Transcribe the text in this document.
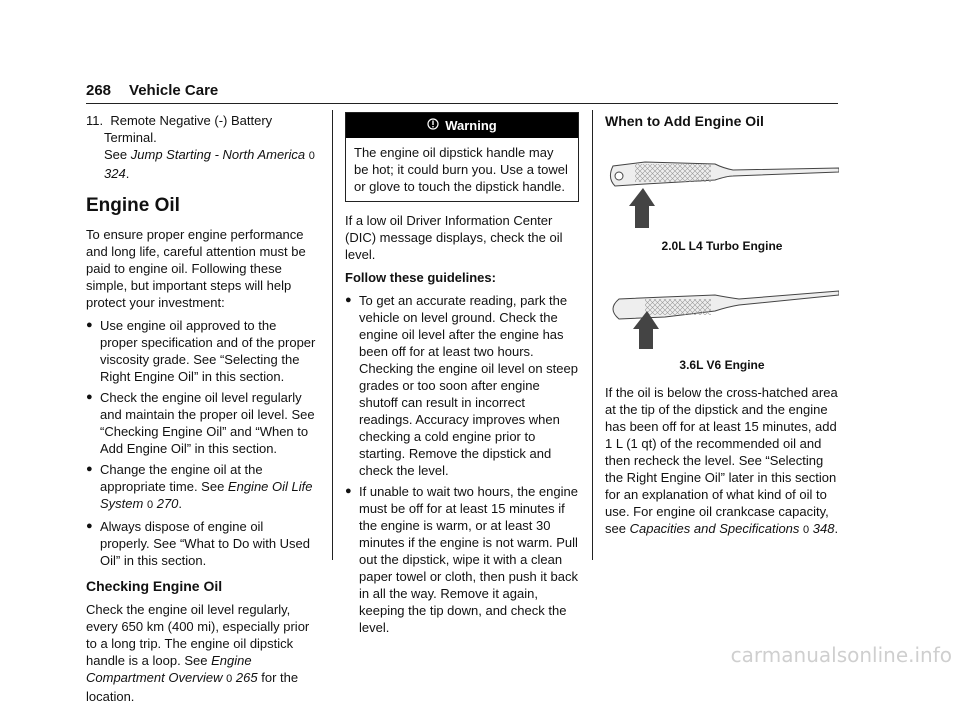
268 Vehicle Care

11. Remote Negative (-) Battery Terminal.
See Jump Starting - North America 0 324.

Engine Oil

To ensure proper engine performance and long life, careful attention must be paid to engine oil. Following these simple, but important steps will help protect your investment:

● Use engine oil approved to the proper specification and of the proper viscosity grade. See “Selecting the Right Engine Oil” in this section.
● Check the engine oil level regularly and maintain the proper oil level. See “Checking Engine Oil” and “When to Add Engine Oil” in this section.
● Change the engine oil at the appropriate time. See Engine Oil Life System 0 270.
● Always dispose of engine oil properly. See “What to Do with Used Oil” in this section.
Checking Engine Oil

Check the engine oil level regularly, every 650 km (400 mi), especially prior to a long trip. The engine oil dipstick handle is a loop. See Engine Compartment Overview 0 265 for the location.

Warning
The engine oil dipstick handle may be hot; it could burn you. Use a towel or glove to touch the dipstick handle.

If a low oil Driver Information Center (DIC) message displays, check the oil level.

Follow these guidelines:

● To get an accurate reading, park the vehicle on level ground. Check the engine oil level after the engine has been off for at least two hours. Checking the engine oil level on steep grades or too soon after engine shutoff can result in incorrect readings. Accuracy improves when checking a cold engine prior to starting. Remove the dipstick and check the level.
● If unable to wait two hours, the engine must be off for at least 15 minutes if the engine is warm, or at least 30 minutes if the engine is not warm. Pull out the dipstick, wipe it with a clean paper towel or cloth, then push it back in all the way. Remove it again, keeping the tip down, and check the level.
When to Add Engine Oil
2.0L L4 Turbo Engine
3.6L V6 Engine

If the oil is below the cross-hatched area at the tip of the dipstick and the engine has been off for at least 15 minutes, add 1 L (1 qt) of the recommended oil and then recheck the level. See “Selecting the Right Engine Oil” later in this section for an explanation of what kind of oil to use. For engine oil crankcase capacity, see Capacities and Specifications 0 348.

carmanualsonline.info
